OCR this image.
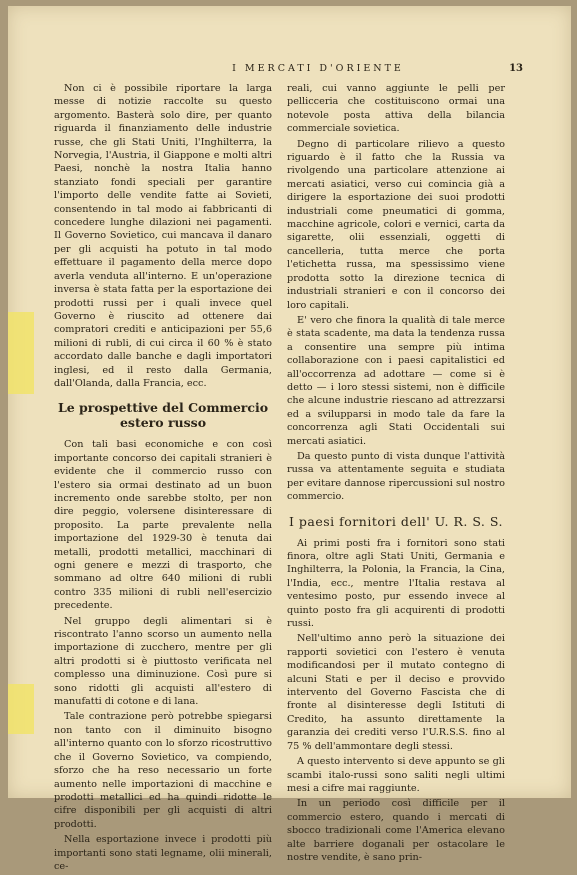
I MERCATI D'ORIENTE	13

Non ci è possibile riportare la larga messe di notizie raccolte su questo argomento. Basterà solo dire, per quanto riguarda il finanziamento delle industrie russe, che gli Stati Uniti, l'Inghilterra, la Norvegia, l'Austria, il Giappone e molti altri Paesi, nonchè la nostra Italia hanno stanziato fondi speciali per garantire l'importo delle vendite fatte ai Sovieti, consentendo in tal modo ai fabbricanti di concedere lunghe dilazioni nei pagamenti. Il Governo Sovietico, cui mancava il danaro per gli acquisti ha potuto in tal modo effettuare il pagamento della merce dopo averla venduta all'interno. E un'operazione inversa è stata fatta per la esportazione dei prodotti russi per i quali invece quel Governo è riuscito ad ottenere dai compratori crediti e anticipazioni per 55,6 milioni di rubli, di cui circa il 60 % è stato accordato dalle banche e dagli importatori inglesi, ed il resto dalla Germania, dall'Olanda, dalla Francia, ecc.

Le prospettive del Commercio estero russo

Con tali basi economiche e con così importante concorso dei capitali stranieri è evidente che il commercio russo con l'estero sia ormai destinato ad un buon incremento onde sarebbe stolto, per non dire peggio, volersene disinteressare di proposito. La parte prevalente nella importazione del 1929-30 è tenuta dai metalli, prodotti metallici, macchinari di ogni genere e mezzi di trasporto, che sommano ad oltre 640 milioni di rubli contro 335 milioni di rubli nell'esercizio precedente.

Nel gruppo degli alimentari si è riscontrato l'anno scorso un aumento nella importazione di zucchero, mentre per gli altri prodotti si è piuttosto verificata nel complesso una diminuzione. Così pure si sono ridotti gli acquisti all'estero di manufatti di cotone e di lana.

Tale contrazione però potrebbe spiegarsi non tanto con il diminuito bisogno all'interno quanto con lo sforzo ricostruttivo che il Governo Sovietico, va compiendo, sforzo che ha reso necessario un forte aumento nelle importazioni di macchine e prodotti metallici ed ha quindi ridotte le cifre disponibili per gli acquisti di altri prodotti.

Nella esportazione invece i prodotti più importanti sono stati legname, olii minerali, ce-

reali, cui vanno aggiunte le pelli per pellicceria che costituiscono ormai una notevole posta attiva della bilancia commerciale sovietica.

Degno di particolare rilievo a questo riguardo è il fatto che la Russia va rivolgendo una particolare attenzione ai mercati asiatici, verso cui comincia già a dirigere la esportazione dei suoi prodotti industriali come pneumatici di gomma, macchine agricole, colori e vernici, carta da sigarette, olii essenziali, oggetti di cancelleria, tutta merce che porta l'etichetta russa, ma spessissimo viene prodotta sotto la direzione tecnica di industriali stranieri e con il concorso dei loro capitali.

E' vero che finora la qualità di tale merce è stata scadente, ma data la tendenza russa a consentire una sempre più intima collaborazione con i paesi capitalistici ed all'occorrenza ad adottare — come si è detto — i loro stessi sistemi, non è difficile che alcune industrie riescano ad attrezzarsi ed a svilupparsi in modo tale da fare la concorrenza agli Stati Occidentali sui mercati asiatici.

Da questo punto di vista dunque l'attività russa va attentamente seguita e studiata per evitare dannose ripercussioni sul nostro commercio.

I paesi fornitori dell' U. R. S. S.

Ai primi posti fra i fornitori sono stati finora, oltre agli Stati Uniti, Germania e Inghilterra, la Polonia, la Francia, la Cina, l'India, ecc., mentre l'Italia restava al ventesimo posto, pur essendo invece al quinto posto fra gli acquirenti di prodotti russi.

Nell'ultimo anno però la situazione dei rapporti sovietici con l'estero è venuta modificandosi per il mutato contegno di alcuni Stati e per il deciso e provvido intervento del Governo Fascista che di fronte al disinteresse degli Istituti di Credito, ha assunto direttamente la garanzia dei crediti verso l'U.R.S.S. fino al 75 % dell'ammontare degli stessi.

A questo intervento si deve appunto se gli scambi italo-russi sono saliti negli ultimi mesi a cifre mai raggiunte.

In un periodo così difficile per il commercio estero, quando i mercati di sbocco tradizionali come l'America elevano alte barriere doganali per ostacolare le nostre vendite, è sano prin-
